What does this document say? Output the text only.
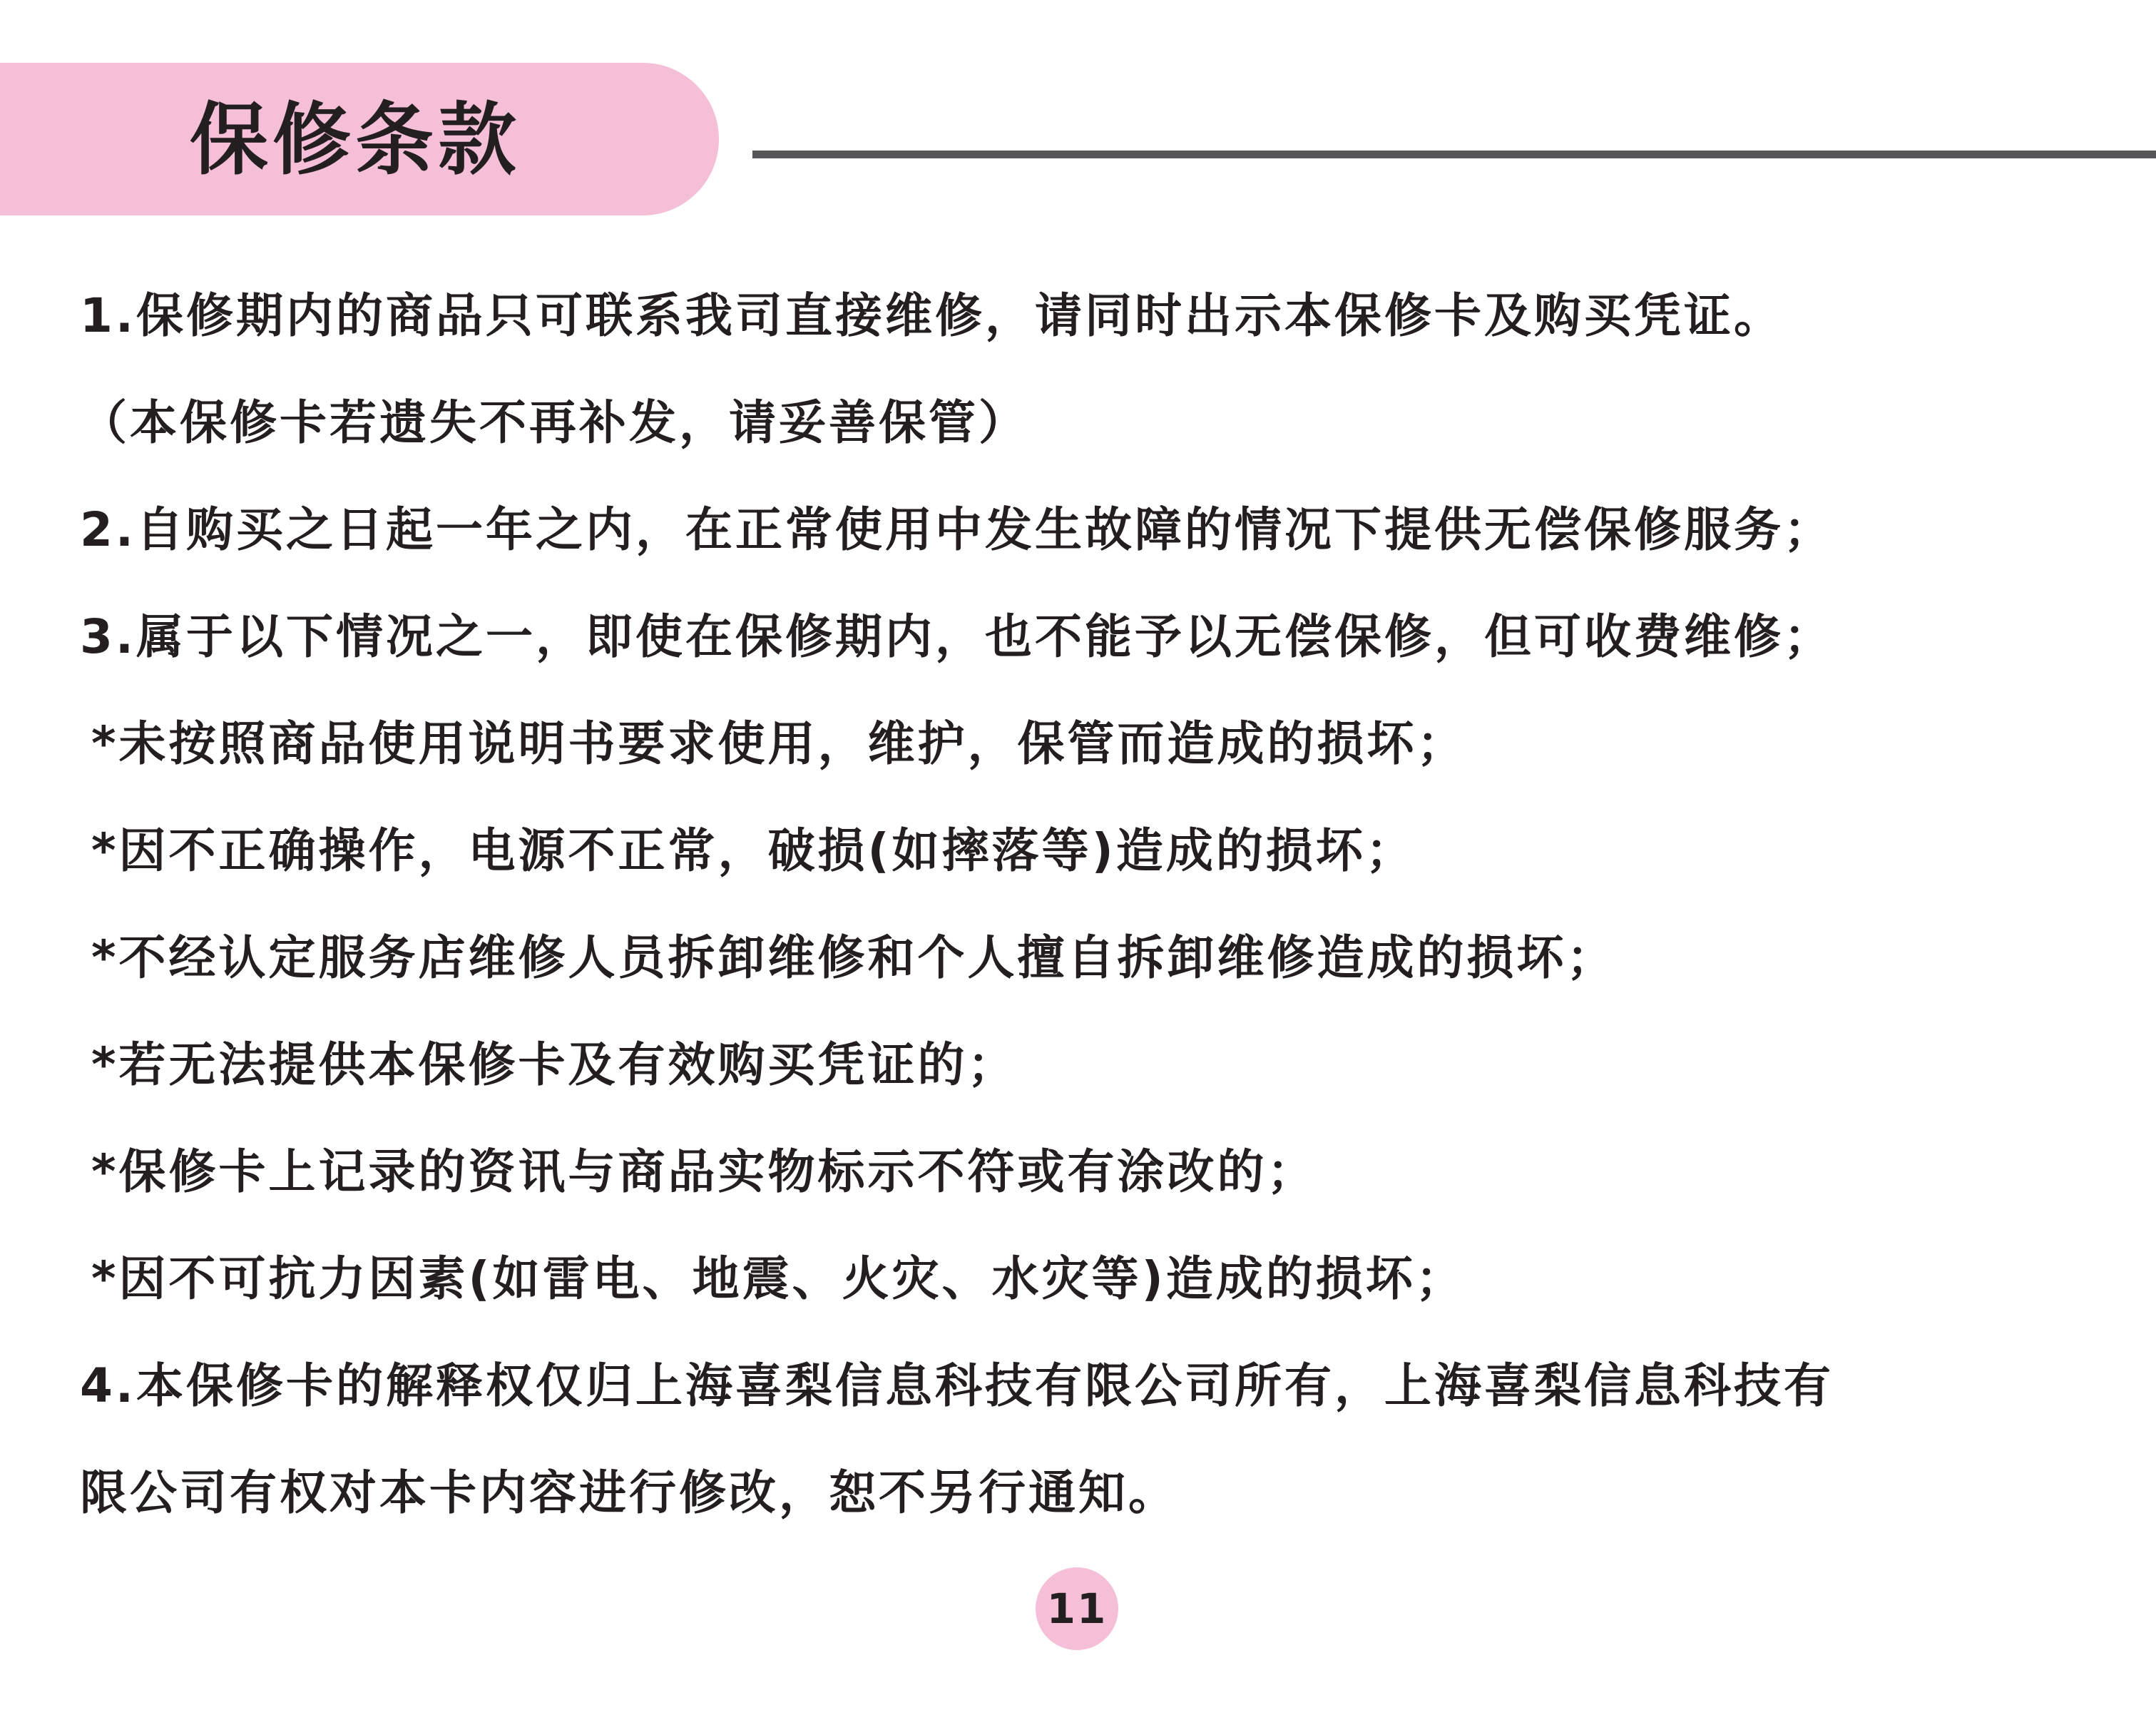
保修条款
1.保修期内的商品只可联系我司直接维修，请同时出示本保修卡及购买凭证。
（本保修卡若遗失不再补发，请妥善保管）
2.自购买之日起一年之内，在正常使用中发生故障的情况下提供无偿保修服务；
3.属于以下情况之一，即使在保修期内，也不能予以无偿保修，但可收费维修；
*未按照商品使用说明书要求使用，维护，保管而造成的损坏；
*因不正确操作，电源不正常，破损(如摔落等)造成的损坏；
*不经认定服务店维修人员拆卸维修和个人擅自拆卸维修造成的损坏；
*若无法提供本保修卡及有效购买凭证的；
*保修卡上记录的资讯与商品实物标示不符或有涂改的；
*因不可抗力因素(如雷电、地震、火灾、水灾等)造成的损坏；
4.本保修卡的解释权仅归上海喜梨信息科技有限公司所有，上海喜梨信息科技有
限公司有权对本卡内容进行修改，恕不另行通知。
11
